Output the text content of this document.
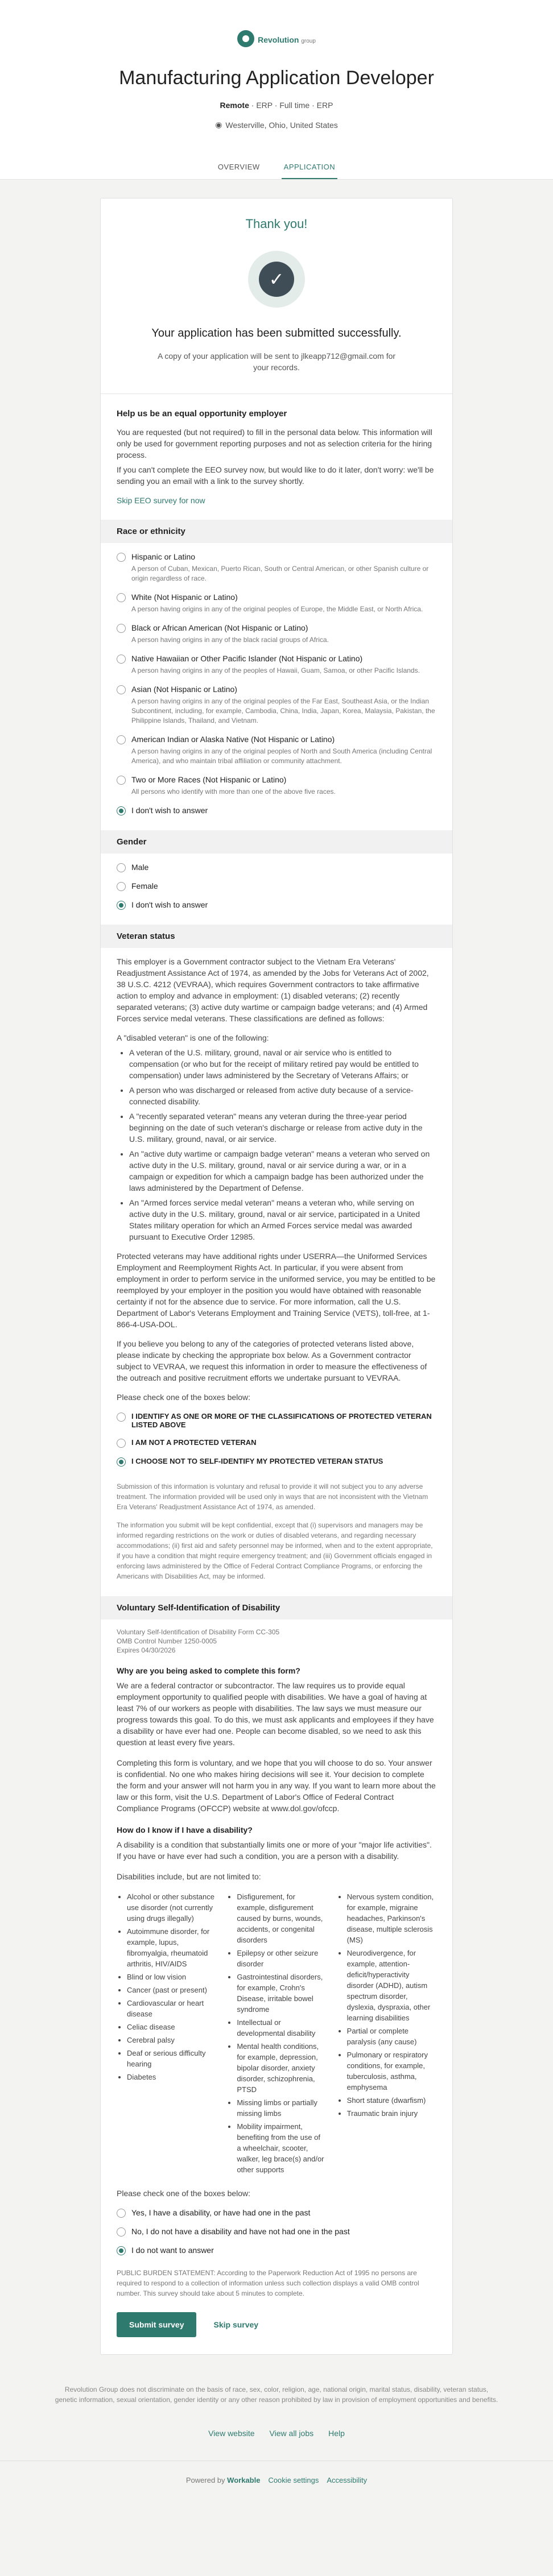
Revolution group
Manufacturing Application Developer
Remote · ERP · Full time · ERP
◉ Westerville, Ohio, United States
OVERVIEW	APPLICATION
Thank you!
✓
Your application has been submitted successfully.

A copy of your application will be sent to jlkeapp712@gmail.com for
your records.

Help us be an equal opportunity employer

You are requested (but not required) to fill in the personal data below. This information will only be used for government reporting purposes and not as selection criteria for the hiring process.

If you can't complete the EEO survey now, but would like to do it later, don't worry: we'll be sending you an email with a link to the survey shortly.

Skip EEO survey for now
Race or ethnicity
Hispanic or Latino
A person of Cuban, Mexican, Puerto Rican, South or Central American, or other Spanish culture or origin regardless of race.
White (Not Hispanic or Latino)
A person having origins in any of the original peoples of Europe, the Middle East, or North Africa.
Black or African American (Not Hispanic or Latino)
A person having origins in any of the black racial groups of Africa.
Native Hawaiian or Other Pacific Islander (Not Hispanic or Latino)
A person having origins in any of the peoples of Hawaii, Guam, Samoa, or other Pacific Islands.
Asian (Not Hispanic or Latino)
A person having origins in any of the original peoples of the Far East, Southeast Asia, or the Indian Subcontinent, including, for example, Cambodia, China, India, Japan, Korea, Malaysia, Pakistan, the Philippine Islands, Thailand, and Vietnam.
American Indian or Alaska Native (Not Hispanic or Latino)
A person having origins in any of the original peoples of North and South America (including Central America), and who maintain tribal affiliation or community attachment.
Two or More Races (Not Hispanic or Latino)
All persons who identify with more than one of the above five races.
I don't wish to answer
Gender
Male
Female
I don't wish to answer
Veteran status

This employer is a Government contractor subject to the Vietnam Era Veterans' Readjustment Assistance Act of 1974, as amended by the Jobs for Veterans Act of 2002, 38 U.S.C. 4212 (VEVRAA), which requires Government contractors to take affirmative action to employ and advance in employment: (1) disabled veterans; (2) recently separated veterans; (3) active duty wartime or campaign badge veterans; and (4) Armed Forces service medal veterans. These classifications are defined as follows:

A "disabled veteran" is one of the following:

• A veteran of the U.S. military, ground, naval or air service who is entitled to compensation (or who but for the receipt of military retired pay would be entitled to compensation) under laws administered by the Secretary of Veterans Affairs; or
• A person who was discharged or released from active duty because of a service-connected disability.
• A "recently separated veteran" means any veteran during the three-year period beginning on the date of such veteran's discharge or release from active duty in the U.S. military, ground, naval, or air service.
• An "active duty wartime or campaign badge veteran" means a veteran who served on active duty in the U.S. military, ground, naval or air service during a war, or in a campaign or expedition for which a campaign badge has been authorized under the laws administered by the Department of Defense.
• An "Armed forces service medal veteran" means a veteran who, while serving on active duty in the U.S. military, ground, naval or air service, participated in a United States military operation for which an Armed Forces service medal was awarded pursuant to Executive Order 12985.

Protected veterans may have additional rights under USERRA—the Uniformed Services Employment and Reemployment Rights Act. In particular, if you were absent from employment in order to perform service in the uniformed service, you may be entitled to be reemployed by your employer in the position you would have obtained with reasonable certainty if not for the absence due to service. For more information, call the U.S. Department of Labor's Veterans Employment and Training Service (VETS), toll-free, at 1-866-4-USA-DOL.

If you believe you belong to any of the categories of protected veterans listed above, please indicate by checking the appropriate box below. As a Government contractor subject to VEVRAA, we request this information in order to measure the effectiveness of the outreach and positive recruitment efforts we undertake pursuant to VEVRAA.

Please check one of the boxes below:

I IDENTIFY AS ONE OR MORE OF THE CLASSIFICATIONS OF PROTECTED VETERAN LISTED ABOVE
I AM NOT A PROTECTED VETERAN
I CHOOSE NOT TO SELF-IDENTIFY MY PROTECTED VETERAN STATUS

Submission of this information is voluntary and refusal to provide it will not subject you to any adverse treatment. The information provided will be used only in ways that are not inconsistent with the Vietnam Era Veterans' Readjustment Assistance Act of 1974, as amended.

The information you submit will be kept confidential, except that (i) supervisors and managers may be informed regarding restrictions on the work or duties of disabled veterans, and regarding necessary accommodations; (ii) first aid and safety personnel may be informed, when and to the extent appropriate, if you have a condition that might require emergency treatment; and (iii) Government officials engaged in enforcing laws administered by the Office of Federal Contract Compliance Programs, or enforcing the Americans with Disabilities Act, may be informed.

Voluntary Self-Identification of Disability

Voluntary Self-Identification of Disability Form CC-305
OMB Control Number 1250-0005
Expires 04/30/2026

Why are you being asked to complete this form?

We are a federal contractor or subcontractor. The law requires us to provide equal employment opportunity to qualified people with disabilities. We have a goal of having at least 7% of our workers as people with disabilities. The law says we must measure our progress towards this goal. To do this, we must ask applicants and employees if they have a disability or have ever had one. People can become disabled, so we need to ask this question at least every five years.

Completing this form is voluntary, and we hope that you will choose to do so. Your answer is confidential. No one who makes hiring decisions will see it. Your decision to complete the form and your answer will not harm you in any way. If you want to learn more about the law or this form, visit the U.S. Department of Labor's Office of Federal Contract Compliance Programs (OFCCP) website at www.dol.gov/ofccp.

How do I know if I have a disability?

A disability is a condition that substantially limits one or more of your "major life activities". If you have or have ever had such a condition, you are a person with a disability.

Disabilities include, but are not limited to:

• Alcohol or other substance use disorder (not currently using drugs illegally)
• Autoimmune disorder, for example, lupus, fibromyalgia, rheumatoid arthritis, HIV/AIDS
• Blind or low vision
• Cancer (past or present)
• Cardiovascular or heart disease
• Celiac disease
• Cerebral palsy
• Deaf or serious difficulty hearing
• Diabetes
• Disfigurement, for example, disfigurement caused by burns, wounds, accidents, or congenital disorders
• Epilepsy or other seizure disorder
• Gastrointestinal disorders, for example, Crohn's Disease, irritable bowel syndrome
• Intellectual or developmental disability
• Mental health conditions, for example, depression, bipolar disorder, anxiety disorder, schizophrenia, PTSD
• Missing limbs or partially missing limbs
• Mobility impairment, benefiting from the use of a wheelchair, scooter, walker, leg brace(s) and/or other supports
• Nervous system condition, for example, migraine headaches, Parkinson's disease, multiple sclerosis (MS)
• Neurodivergence, for example, attention-deficit/hyperactivity disorder (ADHD), autism spectrum disorder, dyslexia, dyspraxia, other learning disabilities
• Partial or complete paralysis (any cause)
• Pulmonary or respiratory conditions, for example, tuberculosis, asthma, emphysema
• Short stature (dwarfism)
• Traumatic brain injury

Please check one of the boxes below:

Yes, I have a disability, or have had one in the past
No, I do not have a disability and have not had one in the past
I do not want to answer

PUBLIC BURDEN STATEMENT: According to the Paperwork Reduction Act of 1995 no persons are required to respond to a collection of information unless such collection displays a valid OMB control number. This survey should take about 5 minutes to complete.

Submit survey	Skip survey

Revolution Group does not discriminate on the basis of race, sex, color, religion, age, national origin, marital status, disability, veteran status, genetic information, sexual orientation, gender identity or any other reason prohibited by law in provision of employment opportunities and benefits.

View website View all jobs Help
Powered by Workable Cookie settings Accessibility
